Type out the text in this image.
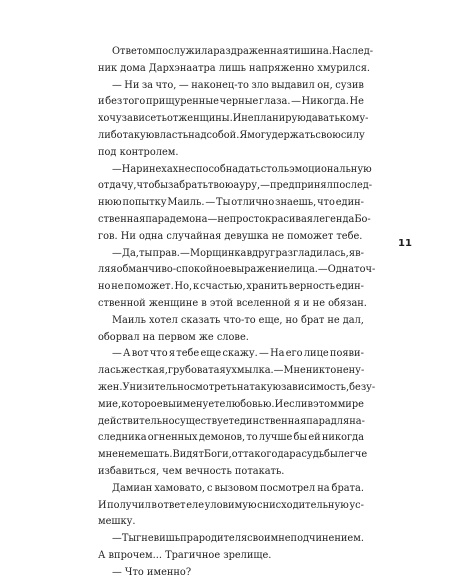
Ответом послужила раздраженная тишина. Наслед-
ник дома Дархэнаатра лишь напряженно хмурился.
— Ни за что, — наконец-то зло выдавил он, сузив
и без того прищуренные черные глаза. — Никогда. Не
хочу зависеть от женщины. И не планирую давать кому-
либо такую власть над собой. Я могу держать свою силу
под контролем.
— Наринехах не способна дать столь эмоциональную
отдачу, чтобы забрать твою ауру, — предпринял послед-
нюю попытку Маиль. — Ты отлично знаешь, что един-
ственная пара демона — не просто красивая легенда Бо-
гов. Ни одна случайная девушка не поможет тебе.
— Да, ты прав. — Морщинка вдруг разгладилась, яв-
ляя обманчиво-спокойное выражение лица. — Одна точ-
но не поможет. Но, к счастью, хранить верность един-
ственной женщине в этой вселенной я и не обязан.
Маиль хотел сказать что-то еще, но брат не дал,
оборвал на первом же слове.
— А вот что я тебе еще скажу. — На его лице появи-
лась жесткая, грубоватая ухмылка. — Мне никто не ну-
жен. Унизительно смотреть на такую зависимость, безу-
мие, которое вы именуете любовью. И если в этом мире
действительно существует единственная пара для на-
следника огненных демонов, то лучше бы ей никогда
мне не мешать. Видят Боги, от такого дара судьбы легче
избавиться, чем вечность потакать.
Дамиан хамовато, с вызовом посмотрел на брата.
И получил в ответ еле уловимую снисходительную ус-
мешку.
— Ты гневишь прародителя своим неподчинением.
А впрочем... Трагичное зрелище.
— Что именно?
11
